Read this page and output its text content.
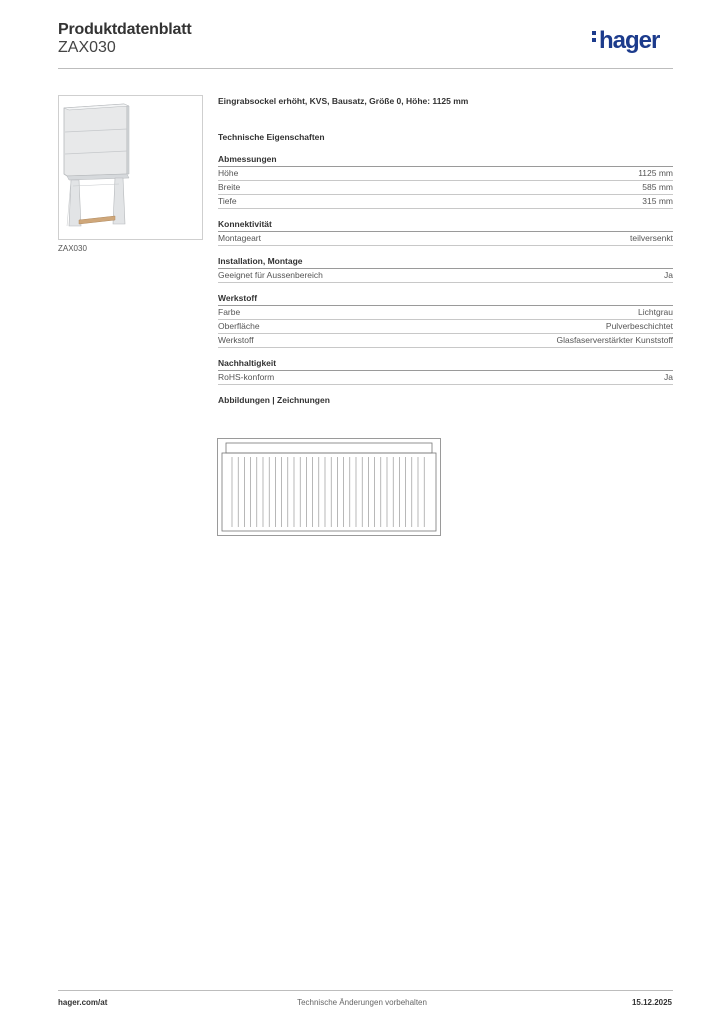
Produktdatenblatt
ZAX030	hager
ZAX030
Eingrabsockel erhöht, KVS, Bausatz, Größe 0, Höhe: 1125 mm
Technische Eigenschaften
Abmessungen
Höhe	1125 mm
Breite	585 mm
Tiefe	315 mm
Konnektivität
Montageart	teilversenkt
Installation, Montage
Geeignet für Aussenbereich	Ja
Werkstoff
Farbe	Lichtgrau
Oberfläche	Pulverbeschichtet
Werkstoff	Glasfaserverstärkter Kunststoff
Nachhaltigkeit
RoHS-konform	Ja
Abbildungen | Zeichnungen
hager.com/at	Technische Änderungen vorbehalten	15.12.2025
